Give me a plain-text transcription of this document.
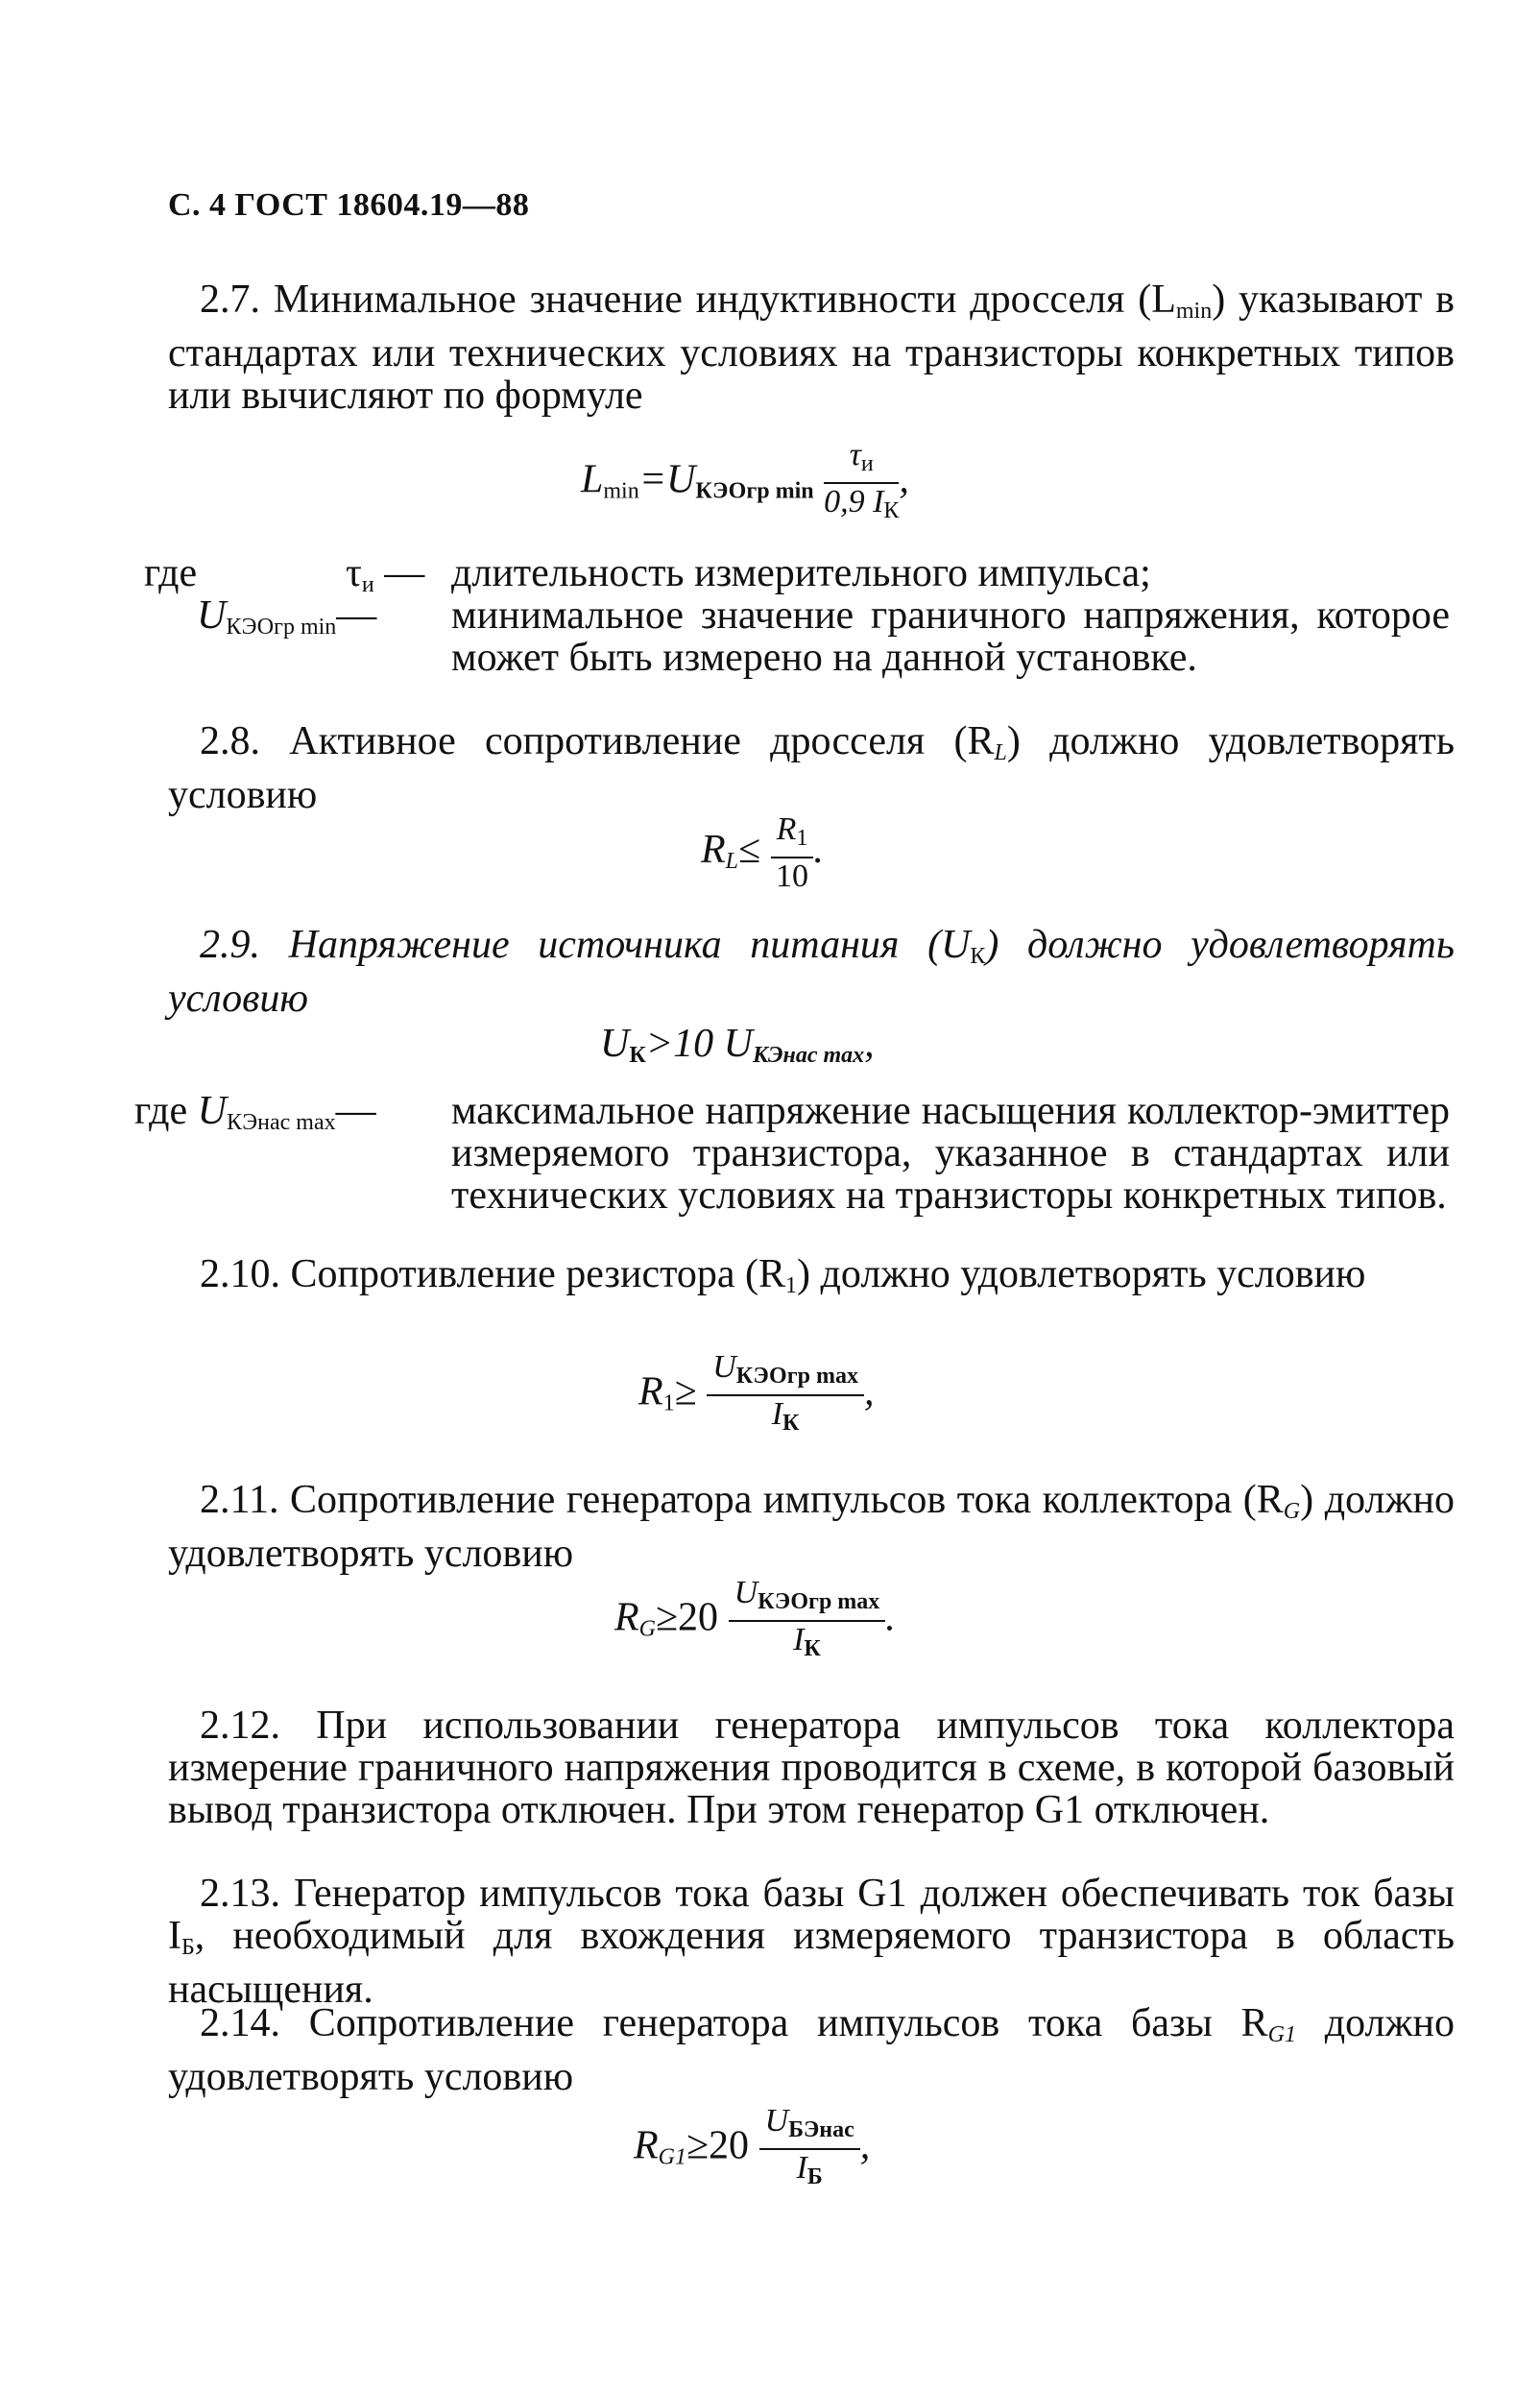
С. 4 ГОСТ 18604.19—88
2.7. Минимальное значение индуктивности дросселя $(L_{min})$ указывают в стандартах или технических условиях на транзисторы конкретных типов или вычисляют по формуле
$L_{min}=UКЭОгр$ $\min \frac{\tau_и}{0,9 I_К}$ ,
где	$\tau_и$ — длительность измерительного импульса;
$U_{КЭОгр min}—$ минимальное значение граничного напряжения, которое может быть измерено на данной установке.
2.8. Активное сопротивление дросселя $(R_L)$ должно удовлетворять условию
$R_L\le \frac{R_1}{10}$ .
2.9. Напряжение источника питания $(U_К)$ должно удовлетворять условию
UК>10 UКЭнас max,
где $U_{КЭнас max}—$ максимальное напряжение насыщения коллектор-эмиттер измеряемого транзистора, указанное в стандартах или технических условиях на транзисторы конкретных типов.
2.10. Сопротивление резистора $(R_1)$ должно удовлетворять условию
$R_1\ge \frac{\text{UКЭОгр max}}{IК}$ ,
2.11. Сопротивление генератора импульсов тока коллектора $(R_G)$ должно удовлетворять условию
$R_G\ge 20 \frac{\text{UКЭОгр max}}{IК}$ .
2.12. При использовании генератора импульсов тока коллектора измерение граничного напряжения проводится в схеме, в которой базовый вывод транзистора отключен. При этом генератор G1 отключен.
2.13. Генератор импульсов тока базы G1 должен обеспечивать ток базы $I_Б$, необходимый для вхождения измеряемого транзистора в область насыщения.
2.14. Сопротивление генератора импульсов тока базы $R_{G1}$ должно удовлетворять условию
$R_{G1}\ge 20 \frac{\text{UБЭнас}}{IБ}$ ,
